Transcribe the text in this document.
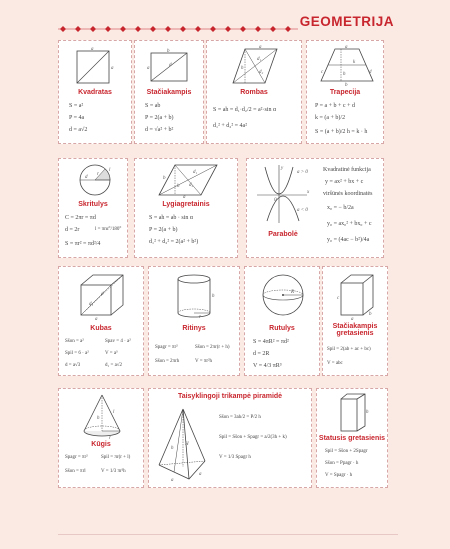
GEOMETRIJA
a
a
Kvadratas
S = a²
P = 4a
d = a√2
b
a
d
Stačiakampis
S = ab
P = 2(a + b)
d = √a² + b²
a
d₁
d₂
h
Rombas
S = ah = d₁·d₂/2 = a²·sin α
d₁² + d₂² = 4a²
a
b
c	d
k
h
Trapecija
P = a + b + c + d
k = (a + b)/2
S = (a + b)/2 h = k · h
d
r
l
Skritulys
C = 2πr = πd
d = 2r	l = πrα°/180°
S = πr² = πd²/4
b
a
h
d₁
d₂
Lygiagretainis
S = ah = ab · sin α
P = 2(a + b)
d₁² + d₂² = 2(a² + b²)
a > 0
a < 0
y
x
0
Parabolė
Kvadratinė funkcija
y = ax² + bx + c
viršūnės koordinatės
x₀ = − b/2a
y₀ = ax₀² + bx₀ + c
y₀ = (4ac − b²)/4a
a
d
d₁
Kubas
Sšon = a²	Spav = 4 · a²
Spil = 6 · a²	V = a³
d = a√3	d₁ = a√2
r
h
Ritinys
Spagr = πr²	Sšon = 2πr(r + h)
Sšon = 2πrh	V = πr²h
R
Rutulys
S = 4πR² = πd²
d = 2R
V = 4/3 πR³
a
b
c
Stačiakampis gretasienis
Spil = 2(ab + ac + bc)
V = abc
l
h
r
Kūgis
Spagr = πr²	Spil = πr(r + l)
Sšon = πrl	V = 1/3 πr²h
Taisyklingoji trikampė piramidė
a
h
H
a
Sšon = 3ah/2 = P/2 h
Spil = Sšon + Spagr = a/2(3h + k)
V = 1/3 Spagr h
h
Statusis gretasienis
Spil = Sšon + 2Spagr
Sšon = Ppagr · h
V = Spagr · h
